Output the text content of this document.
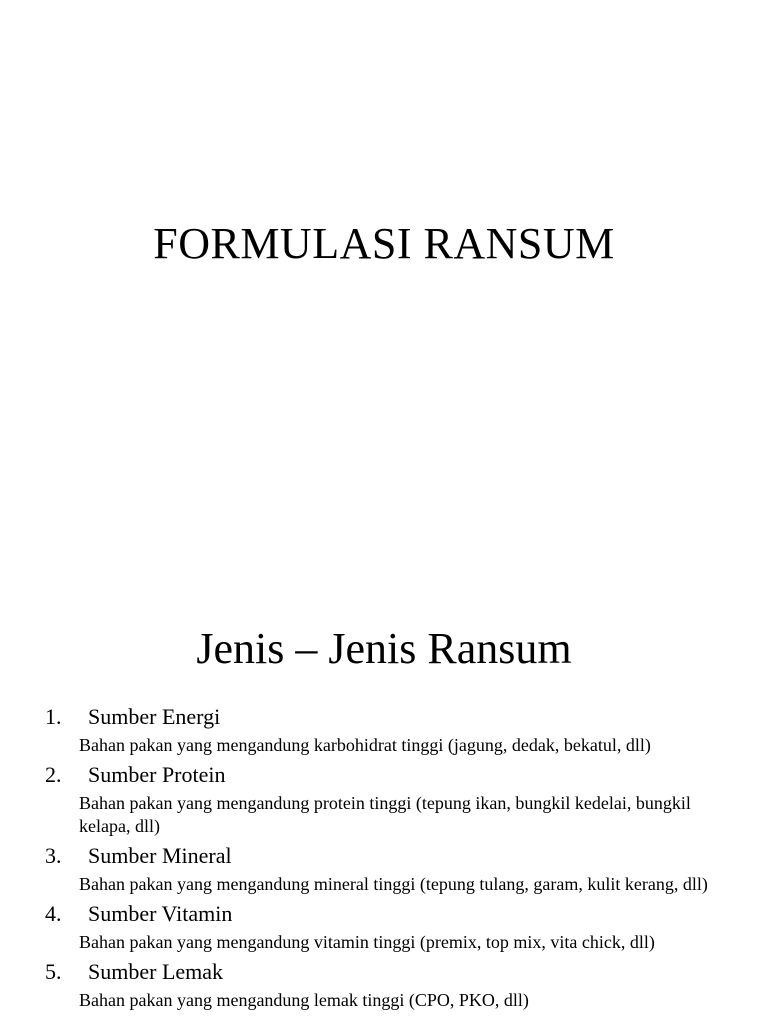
FORMULASI RANSUM
Jenis – Jenis Ransum
1. Sumber Energi
Bahan pakan yang mengandung karbohidrat tinggi (jagung, dedak, bekatul, dll)
2. Sumber Protein
Bahan pakan yang mengandung protein tinggi (tepung ikan, bungkil kedelai, bungkil kelapa, dll)
3. Sumber Mineral
Bahan pakan yang mengandung mineral tinggi (tepung tulang, garam, kulit kerang, dll)
4. Sumber Vitamin
Bahan pakan yang mengandung vitamin tinggi (premix, top mix, vita chick, dll)
5. Sumber Lemak
Bahan pakan yang mengandung lemak tinggi (CPO, PKO, dll)
